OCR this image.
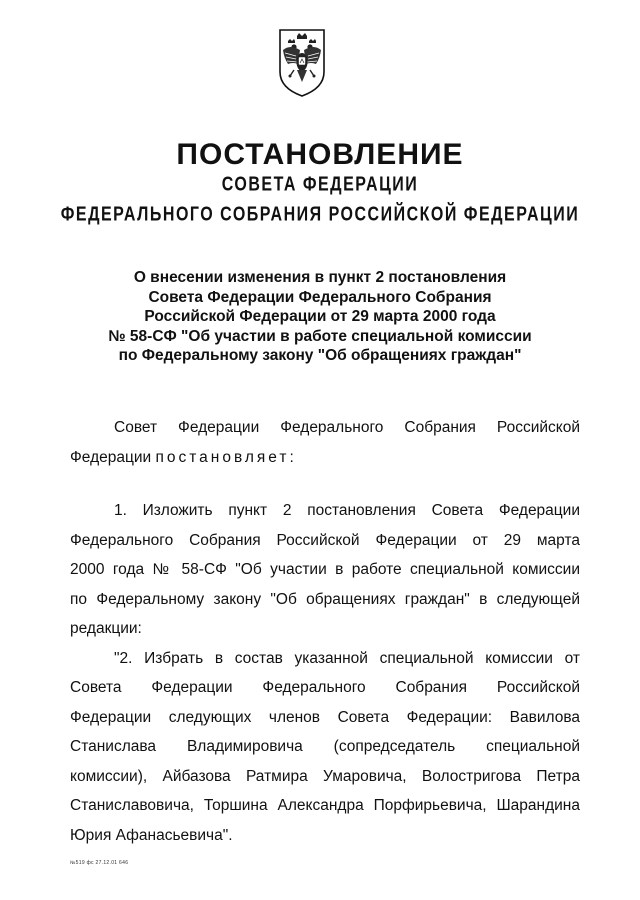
ПОСТАНОВЛЕНИЕ
СОВЕТА ФЕДЕРАЦИИ
ФЕДЕРАЛЬНОГО СОБРАНИЯ РОССИЙСКОЙ ФЕДЕРАЦИИ
О внесении изменения в пункт 2 постановления
Совета Федерации Федерального Собрания
Российской Федерации от 29 марта 2000 года
№ 58-СФ "Об участии в работе специальной комиссии
по Федеральному закону "Об обращениях граждан"
Совет Федерации Федерального Собрания Российской
Федерации постановляет:
1. Изложить пункт 2 постановления Совета Федерации
Федерального Собрания Российской Федерации от 29 марта
2000 года № 58-СФ "Об участии в работе специальной комиссии
по Федеральному закону "Об обращениях граждан" в следующей
редакции:
"2. Избрать в состав указанной специальной комиссии от
Совета Федерации Федерального Собрания Российской
Федерации следующих членов Совета Федерации: Вавилова
Станислава Владимировича (сопредседатель специальной
комиссии), Айбазова Ратмира Умаровича, Волостригова Петра
Станиславовича, Торшина Александра Порфирьевича, Шарандина
Юрия Афанасьевича".
№519 фс 27.12.01 646
